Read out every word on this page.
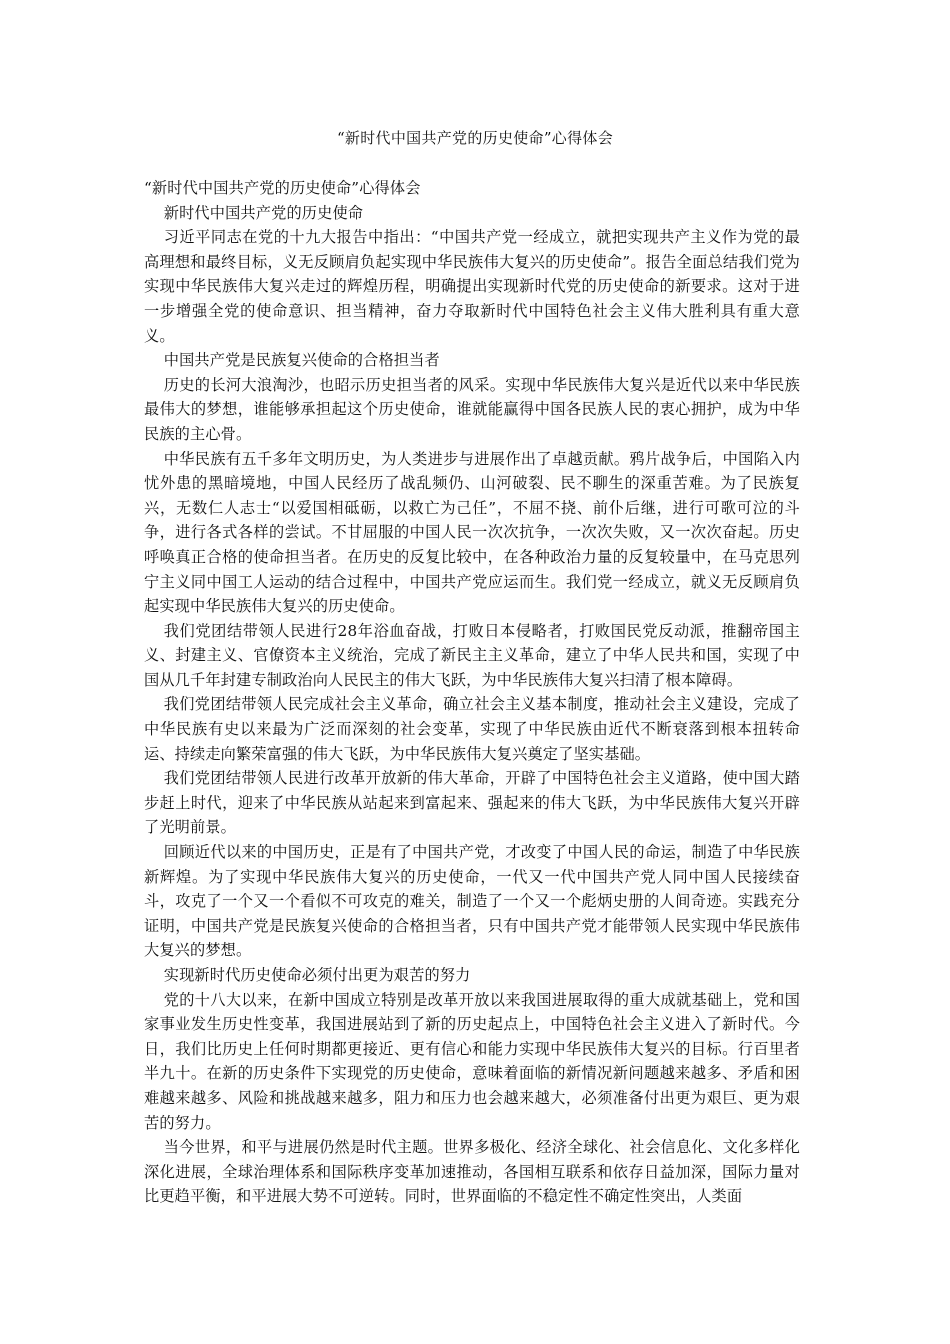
“新时代中国共产党的历史使命”心得体会

“新时代中国共产党的历史使命”心得体会

新时代中国共产党的历史使命

习近平同志在党的十九大报告中指出：“中国共产党一经成立，就把实现共产主义作为党的最高理想和最终目标，义无反顾肩负起实现中华民族伟大复兴的历史使命”。报告全面总结我们党为实现中华民族伟大复兴走过的辉煌历程，明确提出实现新时代党的历史使命的新要求。这对于进一步增强全党的使命意识、担当精神，奋力夺取新时代中国特色社会主义伟大胜利具有重大意义。

中国共产党是民族复兴使命的合格担当者

历史的长河大浪淘沙，也昭示历史担当者的风采。实现中华民族伟大复兴是近代以来中华民族最伟大的梦想，谁能够承担起这个历史使命，谁就能赢得中国各民族人民的衷心拥护，成为中华民族的主心骨。

中华民族有五千多年文明历史，为人类进步与进展作出了卓越贡献。鸦片战争后，中国陷入内忧外患的黑暗境地，中国人民经历了战乱频仍、山河破裂、民不聊生的深重苦难。为了民族复兴，无数仁人志士“以爱国相砥砺，以救亡为己任”，不屈不挠、前仆后继，进行可歌可泣的斗争，进行各式各样的尝试。不甘屈服的中国人民一次次抗争，一次次失败，又一次次奋起。历史呼唤真正合格的使命担当者。在历史的反复比较中，在各种政治力量的反复较量中，在马克思列宁主义同中国工人运动的结合过程中，中国共产党应运而生。我们党一经成立，就义无反顾肩负起实现中华民族伟大复兴的历史使命。

我们党团结带领人民进行28年浴血奋战，打败日本侵略者，打败国民党反动派，推翻帝国主义、封建主义、官僚资本主义统治，完成了新民主主义革命，建立了中华人民共和国，实现了中国从几千年封建专制政治向人民民主的伟大飞跃，为中华民族伟大复兴扫清了根本障碍。

我们党团结带领人民完成社会主义革命，确立社会主义基本制度，推动社会主义建设，完成了中华民族有史以来最为广泛而深刻的社会变革，实现了中华民族由近代不断衰落到根本扭转命运、持续走向繁荣富强的伟大飞跃，为中华民族伟大复兴奠定了坚实基础。

我们党团结带领人民进行改革开放新的伟大革命，开辟了中国特色社会主义道路，使中国大踏步赶上时代，迎来了中华民族从站起来到富起来、强起来的伟大飞跃，为中华民族伟大复兴开辟了光明前景。

回顾近代以来的中国历史，正是有了中国共产党，才改变了中国人民的命运，制造了中华民族新辉煌。为了实现中华民族伟大复兴的历史使命，一代又一代中国共产党人同中国人民接续奋斗，攻克了一个又一个看似不可攻克的难关，制造了一个又一个彪炳史册的人间奇迹。实践充分证明，中国共产党是民族复兴使命的合格担当者，只有中国共产党才能带领人民实现中华民族伟大复兴的梦想。

实现新时代历史使命必须付出更为艰苦的努力

党的十八大以来，在新中国成立特别是改革开放以来我国进展取得的重大成就基础上，党和国家事业发生历史性变革，我国进展站到了新的历史起点上，中国特色社会主义进入了新时代。今日，我们比历史上任何时期都更接近、更有信心和能力实现中华民族伟大复兴的目标。行百里者半九十。在新的历史条件下实现党的历史使命，意味着面临的新情况新问题越来越多、矛盾和困难越来越多、风险和挑战越来越多，阻力和压力也会越来越大，必须准备付出更为艰巨、更为艰苦的努力。

当今世界，和平与进展仍然是时代主题。世界多极化、经济全球化、社会信息化、文化多样化深化进展，全球治理体系和国际秩序变革加速推动，各国相互联系和依存日益加深，国际力量对比更趋平衡，和平进展大势不可逆转。同时，世界面临的不稳定性不确定性突出，人类面
